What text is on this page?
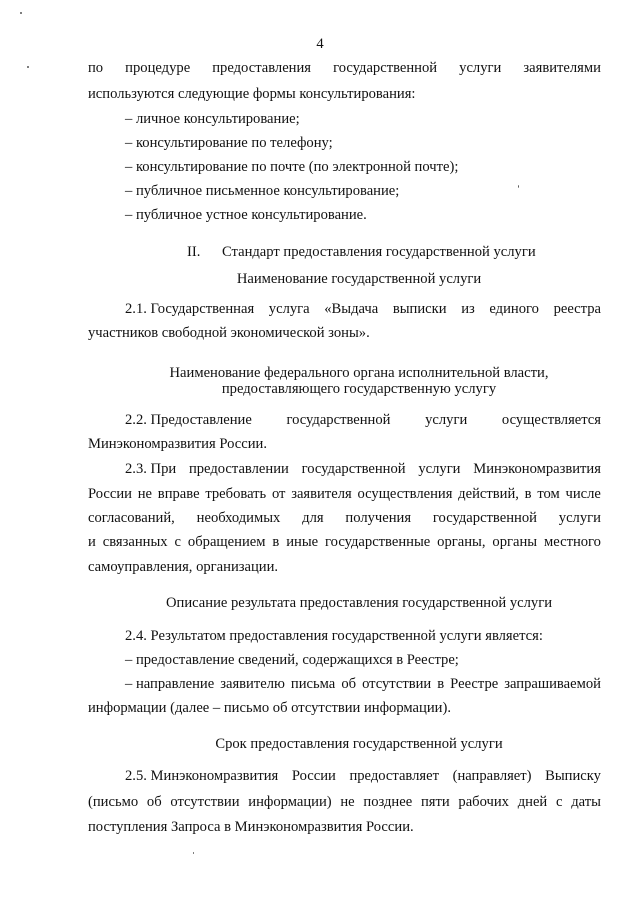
4
по процедуре предоставления государственной услуги заявителями
используются следующие формы консультирования:
– личное консультирование;
– консультирование по телефону;
– консультирование по почте (по электронной почте);
– публичное письменное консультирование;
– публичное устное консультирование.
II. Стандарт предоставления государственной услуги
Наименование государственной услуги
2.1. Государственная услуга «Выдача выписки из единого реестра
участников свободной экономической зоны».
Наименование федерального органа исполнительной власти,
предоставляющего государственную услугу
2.2. Предоставление государственной услуги осуществляется
Минэкономразвития России.
2.3. При предоставлении государственной услуги Минэкономразвития
России не вправе требовать от заявителя осуществления действий, в том числе
согласований, необходимых для получения государственной услуги
и связанных с обращением в иные государственные органы, органы местного
самоуправления, организации.
Описание результата предоставления государственной услуги
2.4. Результатом предоставления государственной услуги является:
– предоставление сведений, содержащихся в Реестре;
– направление заявителю письма об отсутствии в Реестре запрашиваемой
информации (далее – письмо об отсутствии информации).
Срок предоставления государственной услуги
2.5. Минэкономразвития России предоставляет (направляет) Выписку
(письмо об отсутствии информации) не позднее пяти рабочих дней с даты
поступления Запроса в Минэкономразвития России.
